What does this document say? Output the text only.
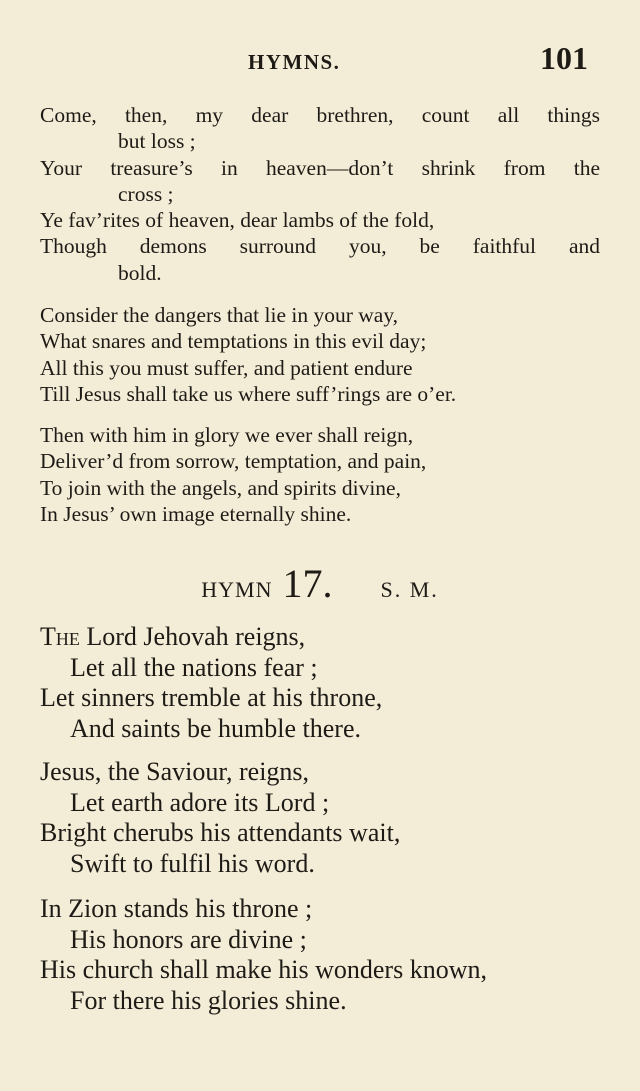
HYMNS.	101
Come, then, my dear brethren, count all things
but loss ;
Your treasure’s in heaven—don’t shrink from the
cross ;
Ye fav’rites of heaven, dear lambs of the fold,
Though demons surround you, be faithful and
bold.
Consider the dangers that lie in your way,
What snares and temptations in this evil day;
All this you must suffer, and patient endure
Till Jesus shall take us where suff’rings are o’er.
Then with him in glory we ever shall reign,
Deliver’d from sorrow, temptation, and pain,
To join with the angels, and spirits divine,
In Jesus’ own image eternally shine.
HYMN 17. S. M.
The Lord Jehovah reigns,
Let all the nations fear ;
Let sinners tremble at his throne,
And saints be humble there.
Jesus, the Saviour, reigns,
Let earth adore its Lord ;
Bright cherubs his attendants wait,
Swift to fulfil his word.
In Zion stands his throne ;
His honors are divine ;
His church shall make his wonders known,
For there his glories shine.
